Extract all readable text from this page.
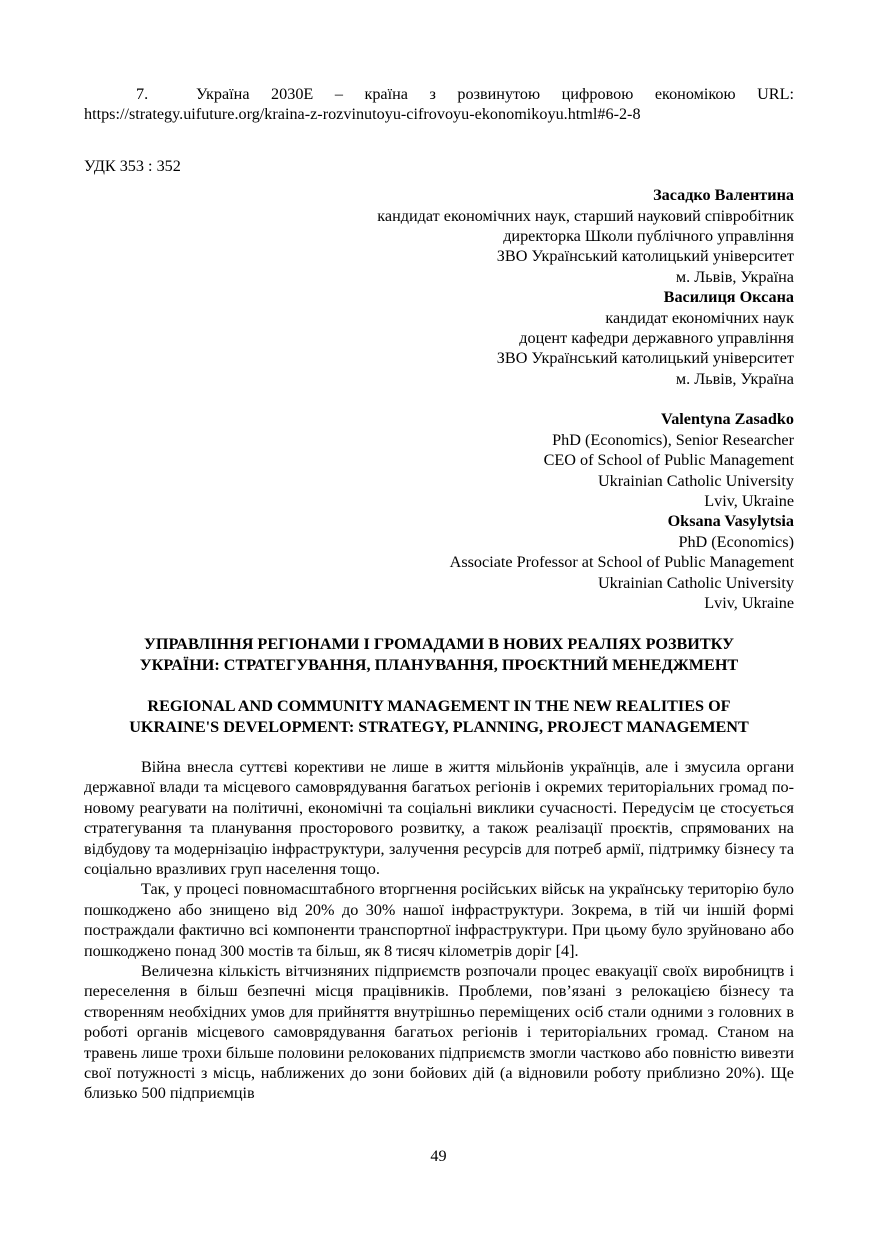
7.	Україна 2030Е – країна з розвинутою цифровою економікою URL:

https://strategy.uifuture.org/kraina-z-rozvinutoyu-cifrovoyu-ekonomikoyu.html#6-2-8

УДК 353 : 352

Засадко Валентина

кандидат економічних наук, старший науковий співробітник

директорка Школи публічного управління

ЗВО Український католицький університет

м. Львів, Україна

Василиця Оксана

кандидат економічних наук

доцент кафедри державного управління

ЗВО Український католицький університет

м. Львів, Україна

Valentyna Zasadko

PhD (Economics), Senior Researcher

CEO of School of Public Management

Ukrainian Catholic University

Lviv, Ukraine

Oksana Vasylytsia

PhD (Economics)

Associate Professor at School of Public Management

Ukrainian Catholic University

Lviv, Ukraine

УПРАВЛІННЯ РЕГІОНАМИ І ГРОМАДАМИ В НОВИХ РЕАЛІЯХ РОЗВИТКУ
УКРАЇНИ: СТРАТЕГУВАННЯ, ПЛАНУВАННЯ, ПРОЄКТНИЙ МЕНЕДЖМЕНТ
REGIONAL AND COMMUNITY MANAGEMENT IN THE NEW REALITIES OF
UKRAINE'S DEVELOPMENT: STRATEGY, PLANNING, PROJECT MANAGEMENT

Війна внесла суттєві корективи не лише в життя мільйонів українців, але і змусила органи державної влади та місцевого самоврядування багатьох регіонів і окремих територіальних громад по-новому реагувати на політичні, економічні та соціальні виклики сучасності. Передусім це стосується стратегування та планування просторового розвитку, а також реалізації проєктів, спрямованих на відбудову та модернізацію інфраструктури, залучення ресурсів для потреб армії, підтримку бізнесу та соціально вразливих груп населення тощо.

Так, у процесі повномасштабного вторгнення російських військ на українську територію було пошкоджено або знищено від 20% до 30% нашої інфраструктури. Зокрема, в тій чи іншій формі постраждали фактично всі компоненти транспортної інфраструктури. При цьому було зруйновано або пошкоджено понад 300 мостів та більш, як 8 тисяч кілометрів доріг [4].

Величезна кількість вітчизняних підприємств розпочали процес евакуації своїх виробництв і переселення в більш безпечні місця працівників. Проблеми, пов’язані з релокацією бізнесу та створенням необхідних умов для прийняття внутрішньо переміщених осіб стали одними з головних в роботі органів місцевого самоврядування багатьох регіонів і територіальних громад. Станом на травень лише трохи більше половини релокованих підприємств змогли частково або повністю вивезти свої потужності з місць, наближених до зони бойових дій (а відновили роботу приблизно 20%). Ще близько 500 підприємців

49
